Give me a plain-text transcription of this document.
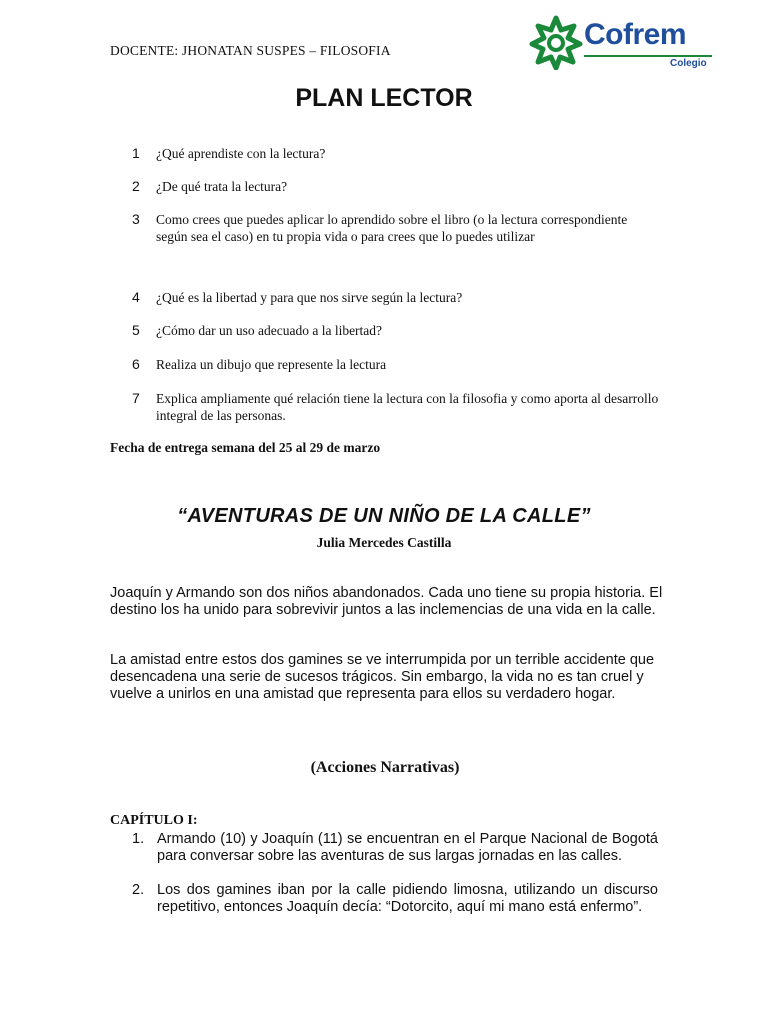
DOCENTE: JHONATAN SUSPES – FILOSOFIA	Cofrem
Colegio
PLAN LECTOR
1 ¿Qué aprendiste con la lectura?
2 ¿De qué trata la lectura?
3 Como crees que puedes aplicar lo aprendido sobre el libro (o la lectura correspondiente según sea el caso) en tu propia vida o para crees que lo puedes utilizar
4 ¿Qué es la libertad y para que nos sirve según la lectura?
5 ¿Cómo dar un uso adecuado a la libertad?
6 Realiza un dibujo que represente la lectura
7 Explica ampliamente qué relación tiene la lectura con la filosofia y como aporta al desarrollo integral de las personas.
Fecha de entrega semana del 25 al 29 de marzo
“AVENTURAS DE UN NIÑO DE LA CALLE”
Julia Mercedes Castilla
Joaquín y Armando son dos niños abandonados. Cada uno tiene su propia historia. El destino los ha unido para sobrevivir juntos a las inclemencias de una vida en la calle.
La amistad entre estos dos gamines se ve interrumpida por un terrible accidente que desencadena una serie de sucesos trágicos. Sin embargo, la vida no es tan cruel y vuelve a unirlos en una amistad que representa para ellos su verdadero hogar.
(Acciones Narrativas)
CAPÍTULO I:
1. Armando (10) y Joaquín (11) se encuentran en el Parque Nacional de Bogotá para conversar sobre las aventuras de sus largas jornadas en las calles.
2. Los dos gamines iban por la calle pidiendo limosna, utilizando un discurso repetitivo, entonces Joaquín decía: “Dotorcito, aquí mi mano está enfermo”.
